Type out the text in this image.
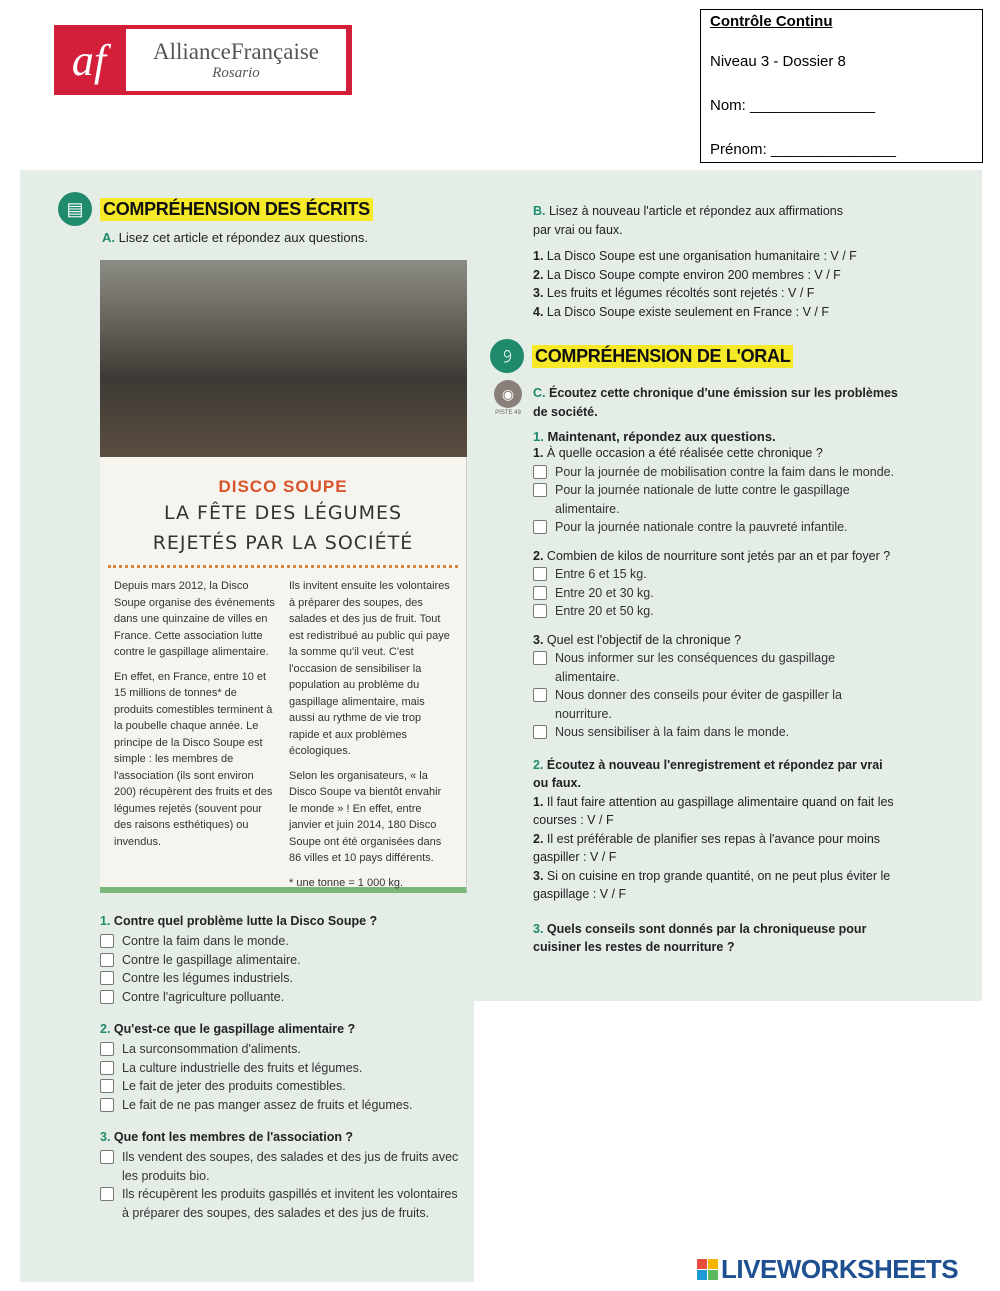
af	AllianceFrançaise
Rosario
Contrôle Continu
Niveau 3 - Dossier 8
Nom: _______________
Prénom: _______________
▤	COMPRÉHENSION DES ÉCRITS
A. Lisez cet article et répondez aux questions.
DISCO SOUPE
LA FÊTE DES LÉGUMES
REJETÉS PAR LA SOCIÉTÉ

Depuis mars 2012, la Disco Soupe organise des événements dans une quinzaine de villes en France. Cette association lutte contre le gaspillage alimentaire.

En effet, en France, entre 10 et 15 millions de tonnes* de produits comestibles terminent à la poubelle chaque année. Le principe de la Disco Soupe est simple : les membres de l'association (ils sont environ 200) récupèrent des fruits et des légumes rejetés (souvent pour des raisons esthétiques) ou invendus.

Ils invitent ensuite les volontaires à préparer des soupes, des salades et des jus de fruit. Tout est redistribué au public qui paye la somme qu'il veut. C'est l'occasion de sensibiliser la population au problème du gaspillage alimentaire, mais aussi au rythme de vie trop rapide et aux problèmes écologiques.

Selon les organisateurs, « la Disco Soupe va bientôt envahir le monde » ! En effet, entre janvier et juin 2014, 180 Disco Soupe ont été organisées dans 86 villes et 10 pays différents.

* une tonne = 1 000 kg.

1. Contre quel problème lutte la Disco Soupe ?
Contre la faim dans le monde.
Contre le gaspillage alimentaire.
Contre les légumes industriels.
Contre l'agriculture polluante.
2. Qu'est-ce que le gaspillage alimentaire ?
La surconsommation d'aliments.
La culture industrielle des fruits et légumes.
Le fait de jeter des produits comestibles.
Le fait de ne pas manger assez de fruits et légumes.
3. Que font les membres de l'association ?
Ils vendent des soupes, des salades et des jus de fruits avec les produits bio.
Ils récupèrent les produits gaspillés et invitent les volontaires à préparer des soupes, des salades et des jus de fruits.
B. Lisez à nouveau l'article et répondez aux affirmations
par vrai ou faux.
1. La Disco Soupe est une organisation humanitaire : V / F
2. La Disco Soupe compte environ 200 membres : V / F
3. Les fruits et légumes récoltés sont rejetés : V / F
4. La Disco Soupe existe seulement en France : V / F
𝟿	COMPRÉHENSION DE L'ORAL
◉
PISTE 49
C. Écoutez cette chronique d'une émission sur les problèmes de société.
1. Maintenant, répondez aux questions.
1. À quelle occasion a été réalisée cette chronique ?
Pour la journée de mobilisation contre la faim dans le monde.
Pour la journée nationale de lutte contre le gaspillage alimentaire.
Pour la journée nationale contre la pauvreté infantile.
2. Combien de kilos de nourriture sont jetés par an et par foyer ?
Entre 6 et 15 kg.
Entre 20 et 30 kg.
Entre 20 et 50 kg.
3. Quel est l'objectif de la chronique ?
Nous informer sur les conséquences du gaspillage alimentaire.
Nous donner des conseils pour éviter de gaspiller la nourriture.
Nous sensibiliser à la faim dans le monde.
2. Écoutez à nouveau l'enregistrement et répondez par vrai ou faux.
1. Il faut faire attention au gaspillage alimentaire quand on fait les courses : V / F
2. Il est préférable de planifier ses repas à l'avance pour moins gaspiller : V / F
3. Si on cuisine en trop grande quantité, on ne peut plus éviter le gaspillage : V / F
3. Quels conseils sont donnés par la chroniqueuse pour cuisiner les restes de nourriture ?
LIVEWORKSHEETS
